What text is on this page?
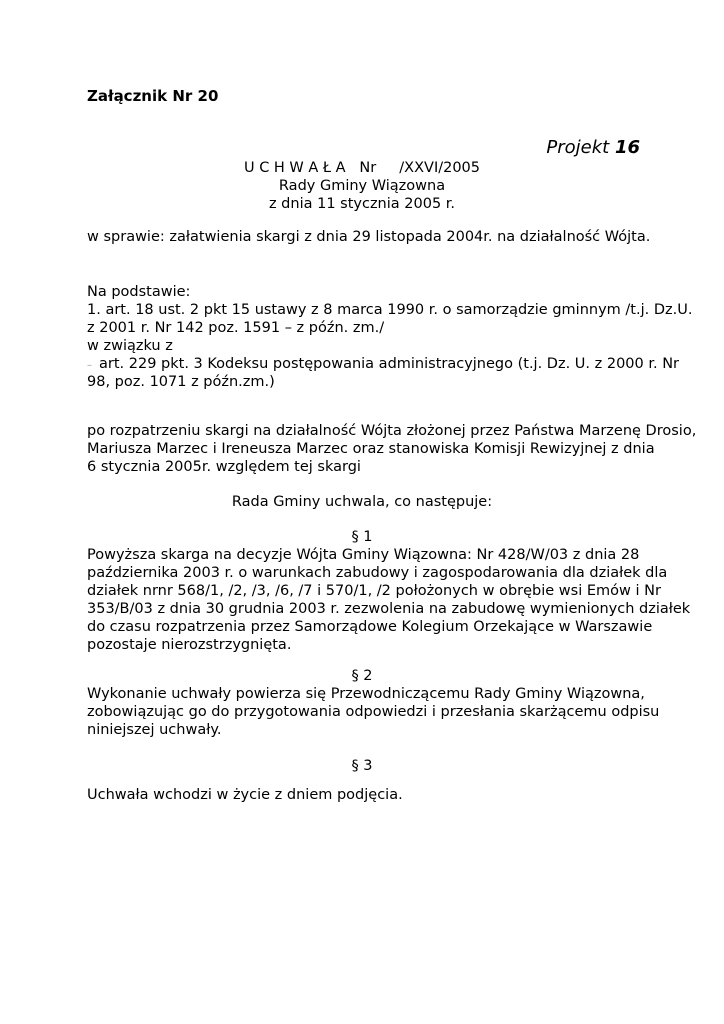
Załącznik Nr 20
Projekt 16
U C H W A Ł A   Nr     /XXVI/2005
Rady Gminy Wiązowna
z dnia 11 stycznia 2005 r.
w sprawie: załatwienia skargi z dnia 29 listopada 2004r. na działalność Wójta.
Na podstawie:
1. art. 18 ust. 2 pkt 15 ustawy z 8 marca 1990 r. o samorządzie gminnym /t.j. Dz.U.
z 2001 r. Nr 142 poz. 1591 – z późn. zm./
w związku z
– art. 229 pkt. 3 Kodeksu postępowania administracyjnego (t.j. Dz. U. z 2000 r. Nr
98, poz. 1071 z późn.zm.)
po rozpatrzeniu skargi na działalność Wójta złożonej przez Państwa Marzenę Drosio,
Mariusza Marzec i Ireneusza Marzec oraz stanowiska Komisji Rewizyjnej z dnia
6 stycznia 2005r. względem tej skargi
Rada Gminy uchwala, co następuje:
§ 1
Powyższa skarga na decyzje Wójta Gminy Wiązowna: Nr 428/W/03 z dnia 28
października 2003 r. o warunkach zabudowy i zagospodarowania dla działek dla
działek nrnr 568/1, /2, /3, /6, /7 i 570/1, /2 położonych w obrębie wsi Emów i Nr
353/B/03 z dnia 30 grudnia 2003 r. zezwolenia na zabudowę wymienionych działek
do czasu rozpatrzenia przez Samorządowe Kolegium Orzekające w Warszawie
pozostaje nierozstrzygnięta.
§ 2
Wykonanie uchwały powierza się Przewodniczącemu Rady Gminy Wiązowna,
zobowiązując go do przygotowania odpowiedzi i przesłania skarżącemu odpisu
niniejszej uchwały.
§ 3
Uchwała wchodzi w życie z dniem podjęcia.
